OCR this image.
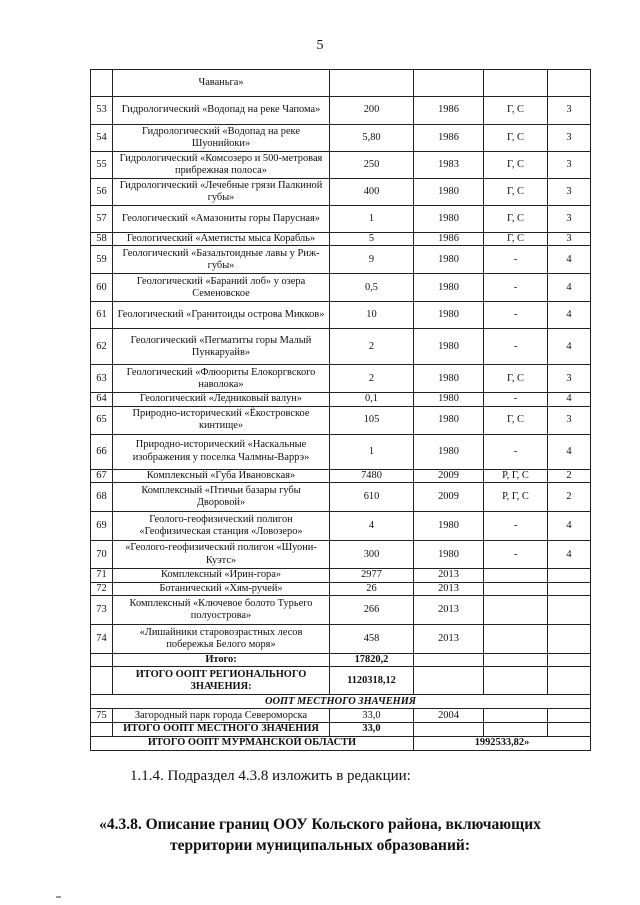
5
	Чаваньга»				
53	Гидрологический «Водопад на реке Чапома»	200	1986	Г, С	3
54	Гидрологический «Водопад на реке Шуонийоки»	5,80	1986	Г, С	3
55	Гидрологический «Комсозеро и 500-метровая прибрежная полоса»	250	1983	Г, С	3
56	Гидрологический «Лечебные грязи Палкиной губы»	400	1980	Г, С	3
57	Геологический «Амазониты горы Парусная»	1	1980	Г, С	3
58	Геологический «Аметисты мыса Корабль»	5	1986	Г, С	3
59	Геологический «Базальтоидные лавы у Риж-губы»	9	1980	-	4
60	Геологический «Бараний лоб» у озера Семеновское	0,5	1980	-	4
61	Геологический «Гранитоиды острова Микков»	10	1980	-	4
62	Геологический «Пегматиты горы Малый Пункаруайв»	2	1980	-	4
63	Геологический «Флюориты Елокоргвского наволока»	2	1980	Г, С	3
64	Геологический «Ледниковый валун»	0,1	1980	-	4
65	Природно-исторический «Ёкостровское кинтище»	105	1980	Г, С	3
66	Природно-исторический «Наскальные изображения у поселка Чалмны-Варрэ»	1	1980	-	4
67	Комплексный «Губа Ивановская»	7480	2009	Р, Г, С	2
68	Комплексный «Птичьи базары губы Дворовой»	610	2009	Р, Г, С	2
69	Геолого-геофизический полигон «Геофизическая станция «Ловозеро»	4	1980	-	4
70	«Геолого-геофизический полигон «Шуони-Куэтс»	300	1980	-	4
71	Комплексный «Ирин-гора»	2977	2013		
72	Ботанический «Хям-ручей»	26	2013		
73	Комплексный «Ключевое болото Турьего полуострова»	266	2013		
74	«Лишайники старовозрастных лесов побережья Белого моря»	458	2013		
	Итого:	17820,2			
	ИТОГО ООПТ РЕГИОНАЛЬНОГО ЗНАЧЕНИЯ:	1120318,12			
ООПТ МЕСТНОГО ЗНАЧЕНИЯ					
75	Загородный парк города Североморска	33,0	2004		
	ИТОГО ООПТ МЕСТНОГО ЗНАЧЕНИЯ	33,0			
ИТОГО ООПТ МУРМАНСКОЙ ОБЛАСТИ			1992533,82»		
1.1.4. Подраздел 4.3.8 изложить в редакции:
«4.3.8. Описание границ ООУ Кольского района, включающих
территории муниципальных образований:
